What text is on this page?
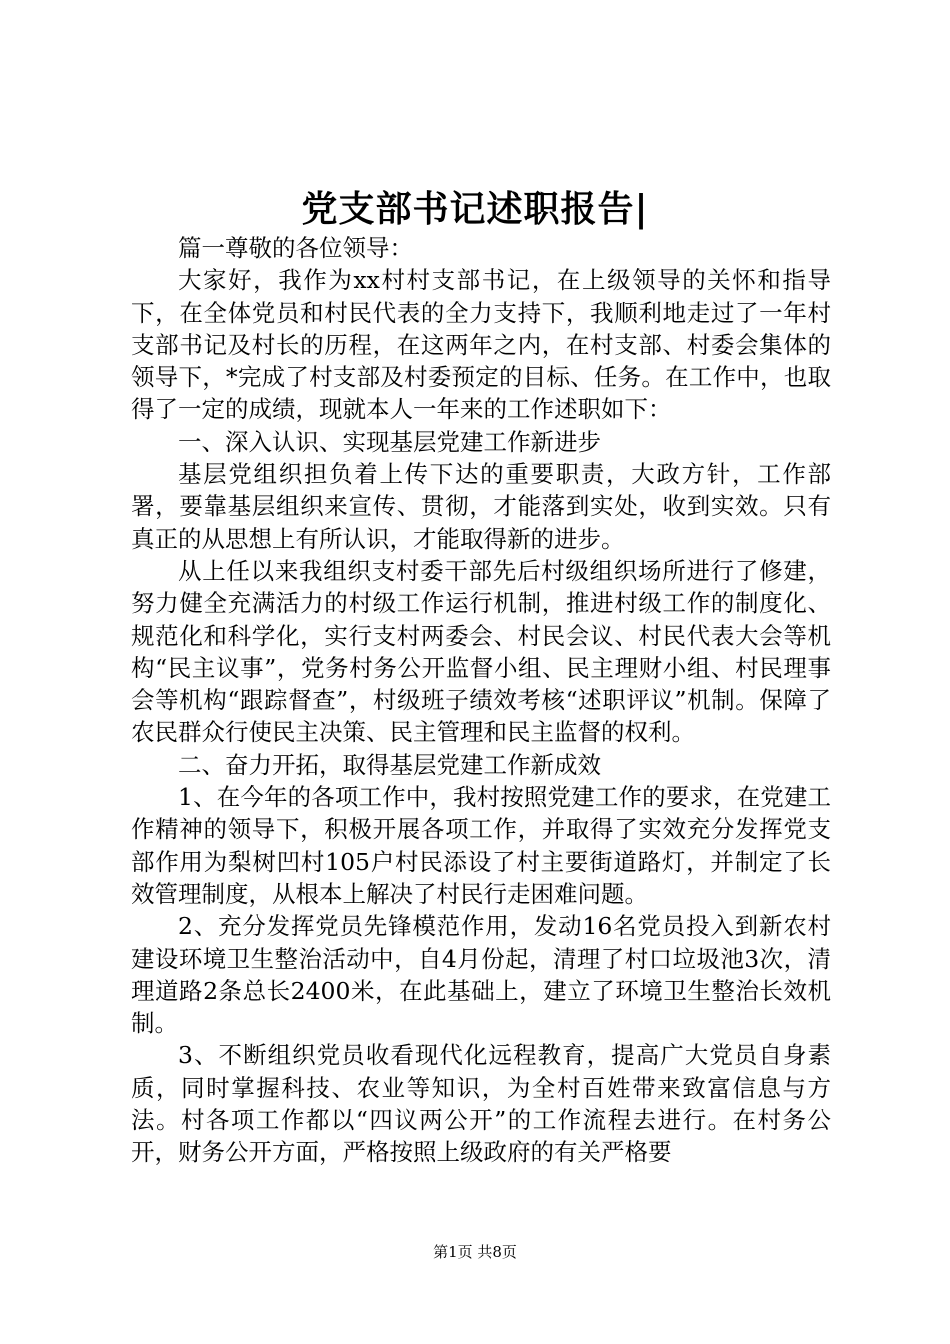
党支部书记述职报告|

篇一尊敬的各位领导：

大家好，我作为xx村村支部书记，在上级领导的关怀和指导下，在全体党员和村民代表的全力支持下，我顺利地走过了一年村支部书记及村长的历程，在这两年之内，在村支部、村委会集体的领导下，*完成了村支部及村委预定的目标、任务。在工作中，也取得了一定的成绩，现就本人一年来的工作述职如下：

一、深入认识、实现基层党建工作新进步

基层党组织担负着上传下达的重要职责，大政方针，工作部署，要靠基层组织来宣传、贯彻，才能落到实处，收到实效。只有真正的从思想上有所认识，才能取得新的进步。

从上任以来我组织支村委干部先后村级组织场所进行了修建，努力健全充满活力的村级工作运行机制，推进村级工作的制度化、规范化和科学化，实行支村两委会、村民会议、村民代表大会等机构“民主议事”，党务村务公开监督小组、民主理财小组、村民理事会等机构“跟踪督查”，村级班子绩效考核“述职评议”机制。保障了农民群众行使民主决策、民主管理和民主监督的权利。

二、奋力开拓，取得基层党建工作新成效

1、在今年的各项工作中，我村按照党建工作的要求，在党建工作精神的领导下，积极开展各项工作，并取得了实效充分发挥党支部作用为梨树凹村105户村民添设了村主要街道路灯，并制定了长效管理制度，从根本上解决了村民行走困难问题。

2、充分发挥党员先锋模范作用，发动16名党员投入到新农村建设环境卫生整治活动中，自4月份起，清理了村口垃圾池3次，清理道路2条总长2400米，在此基础上，建立了环境卫生整治长效机制。

3、不断组织党员收看现代化远程教育，提高广大党员自身素质，同时掌握科技、农业等知识，为全村百姓带来致富信息与方法。村各项工作都以“四议两公开”的工作流程去进行。在村务公开，财务公开方面，严格按照上级政府的有关严格要

第1页 共8页
